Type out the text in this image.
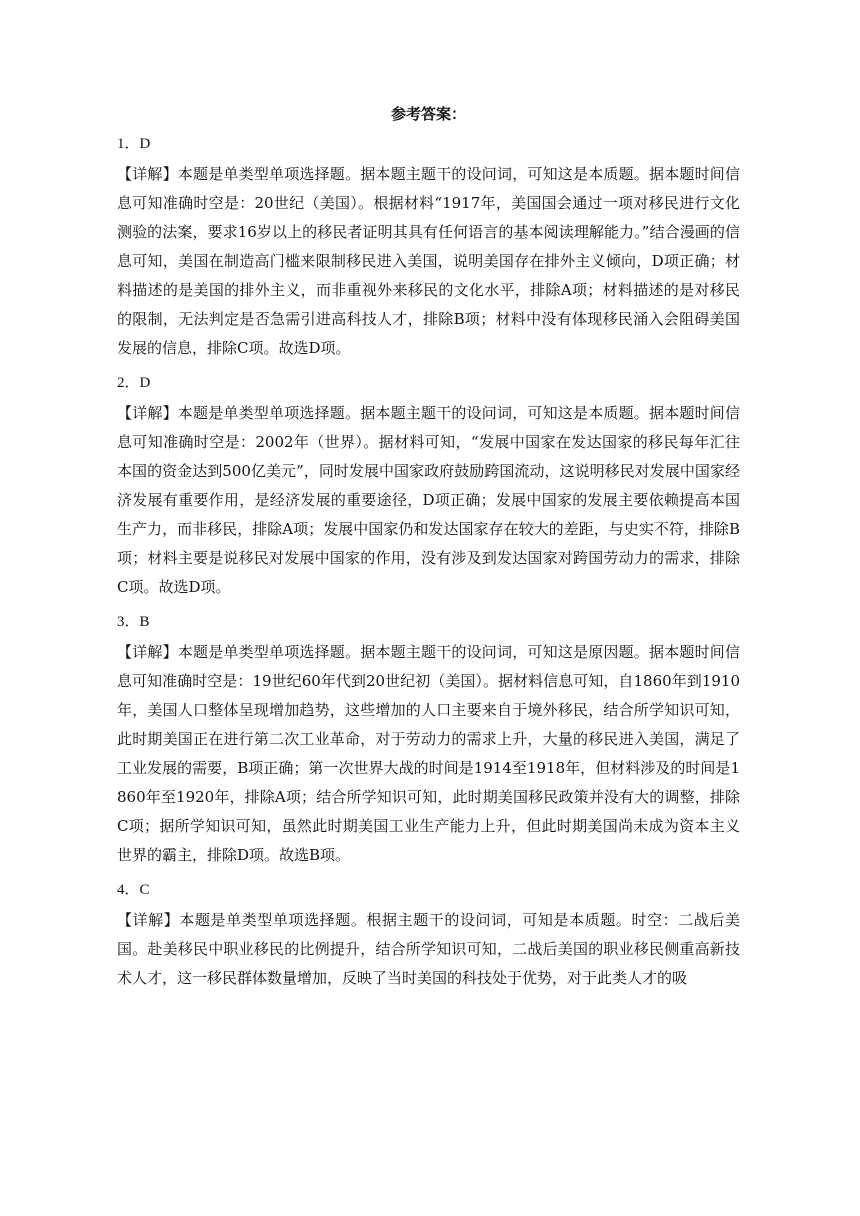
参考答案：
1．D

【详解】本题是单类型单项选择题。据本题主题干的设问词，可知这是本质题。据本题时间信息可知准确时空是：20世纪（美国）。根据材料“1917年，美国国会通过一项对移民进行文化测验的法案，要求16岁以上的移民者证明其具有任何语言的基本阅读理解能力。”结合漫画的信息可知，美国在制造高门槛来限制移民进入美国，说明美国存在排外主义倾向，D项正确；材料描述的是美国的排外主义，而非重视外来移民的文化水平，排除A项；材料描述的是对移民的限制，无法判定是否急需引进高科技人才，排除B项；材料中没有体现移民涌入会阻碍美国发展的信息，排除C项。故选D项。

2．D

【详解】本题是单类型单项选择题。据本题主题干的设问词，可知这是本质题。据本题时间信息可知准确时空是：2002年（世界）。据材料可知，“发展中国家在发达国家的移民每年汇往本国的资金达到500亿美元”，同时发展中国家政府鼓励跨国流动，这说明移民对发展中国家经济发展有重要作用，是经济发展的重要途径，D项正确；发展中国家的发展主要依赖提高本国生产力，而非移民，排除A项；发展中国家仍和发达国家存在较大的差距，与史实不符，排除B项；材料主要是说移民对发展中国家的作用，没有涉及到发达国家对跨国劳动力的需求，排除C项。故选D项。

3．B

【详解】本题是单类型单项选择题。据本题主题干的设问词，可知这是原因题。据本题时间信息可知准确时空是：19世纪60年代到20世纪初（美国）。据材料信息可知，自1860年到1910年，美国人口整体呈现增加趋势，这些增加的人口主要来自于境外移民，结合所学知识可知，此时期美国正在进行第二次工业革命，对于劳动力的需求上升，大量的移民进入美国，满足了工业发展的需要，B项正确；第一次世界大战的时间是1914至1918年，但材料涉及的时间是1860年至1920年，排除A项；结合所学知识可知，此时期美国移民政策并没有大的调整，排除C项；据所学知识可知，虽然此时期美国工业生产能力上升，但此时期美国尚未成为资本主义世界的霸主，排除D项。故选B项。

4．C

【详解】本题是单类型单项选择题。根据主题干的设问词，可知是本质题。时空：二战后美国。赴美移民中职业移民的比例提升，结合所学知识可知，二战后美国的职业移民侧重高新技术人才，这一移民群体数量增加，反映了当时美国的科技处于优势，对于此类人才的吸
